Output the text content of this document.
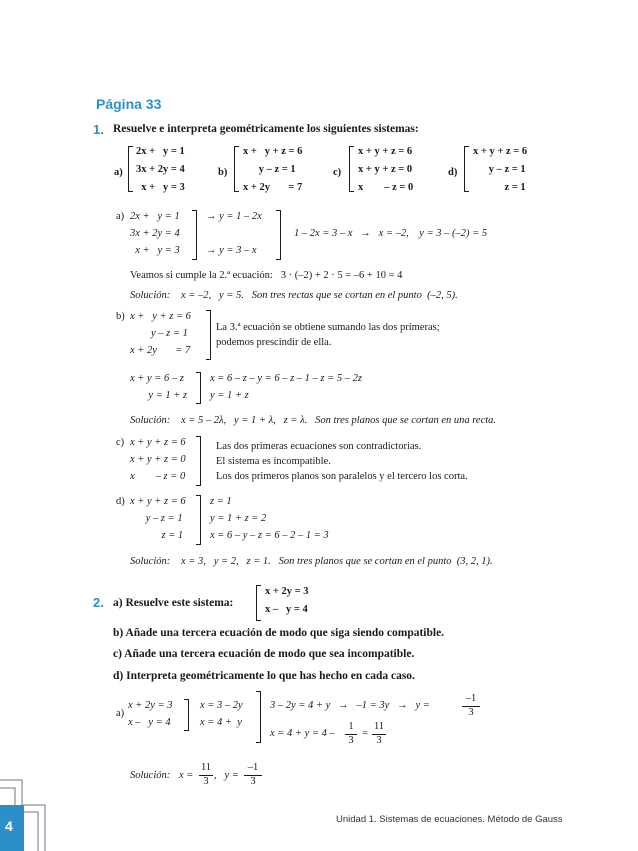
Página 33
1. Resuelve e interpreta geométricamente los siguientes sistemas:
a)
2x +   y = 1
3x + 2y = 4
x +   y = 3
b)
x +   y + z = 6
y – z = 1
x + 2y       = 7
c)
x + y + z = 6
x + y + z = 0
x        – z = 0
d)
x + y + z = 6
y – z = 1
z = 1
a) 2x +   y = 1
3x + 2y = 4
x +   y = 3
→ y = 1 – 2x
→ y = 3 – x
1 – 2x = 3 – x   →   x = –2,    y = 3 – (–2) = 5
Veamos si cumple la 2.ª ecuación:   3 · (–2) + 2 · 5 = –6 + 10 = 4
Solución: x = –2,   y = 5.   Son tres rectas que se cortan en el punto  (–2, 5).
b) x +   y + z = 6
y – z = 1
x + 2y       = 7
La 3.ª ecuación se obtiene sumando las dos primeras;
podemos prescindir de ella.
x + y = 6 – z
y = 1 + z
x = 6 – z – y = 6 – z – 1 – z = 5 – 2z
y = 1 + z
Solución: x = 5 – 2λ,   y = 1 + λ,   z = λ.   Son tres planos que se cortan en una recta.
c) x + y + z = 6
x + y + z = 0
x        – z = 0
Las dos primeras ecuaciones son contradictorias.
El sistema es incompatible.
Los dos primeros planos son paralelos y el tercero los corta.
d) x + y + z = 6
y – z = 1
z = 1
z = 1
y = 1 + z = 2
x = 6 – y – z = 6 – 2 – 1 = 3
Solución: x = 3,   y = 2,   z = 1.   Son tres planos que se cortan en el punto  (3, 2, 1).
2. a) Resuelve este sistema:
x + 2y = 3
x –   y = 4
b) Añade una tercera ecuación de modo que siga siendo compatible.
c) Añade una tercera ecuación de modo que sea incompatible.
d) Interpreta geométricamente lo que has hecho en cada caso.
a)
x + 2y = 3
x –   y = 4
x = 3 – 2y
x = 4 +  y
3 – 2y = 4 + y   →   –1 = 3y   →   y =
–1
3
x = 4 + y = 4 –
1
3
=
11
3
Solución: x =
11
3
,   y =
–1
3
Unidad 1. Sistemas de ecuaciones. Método de Gauss
4
